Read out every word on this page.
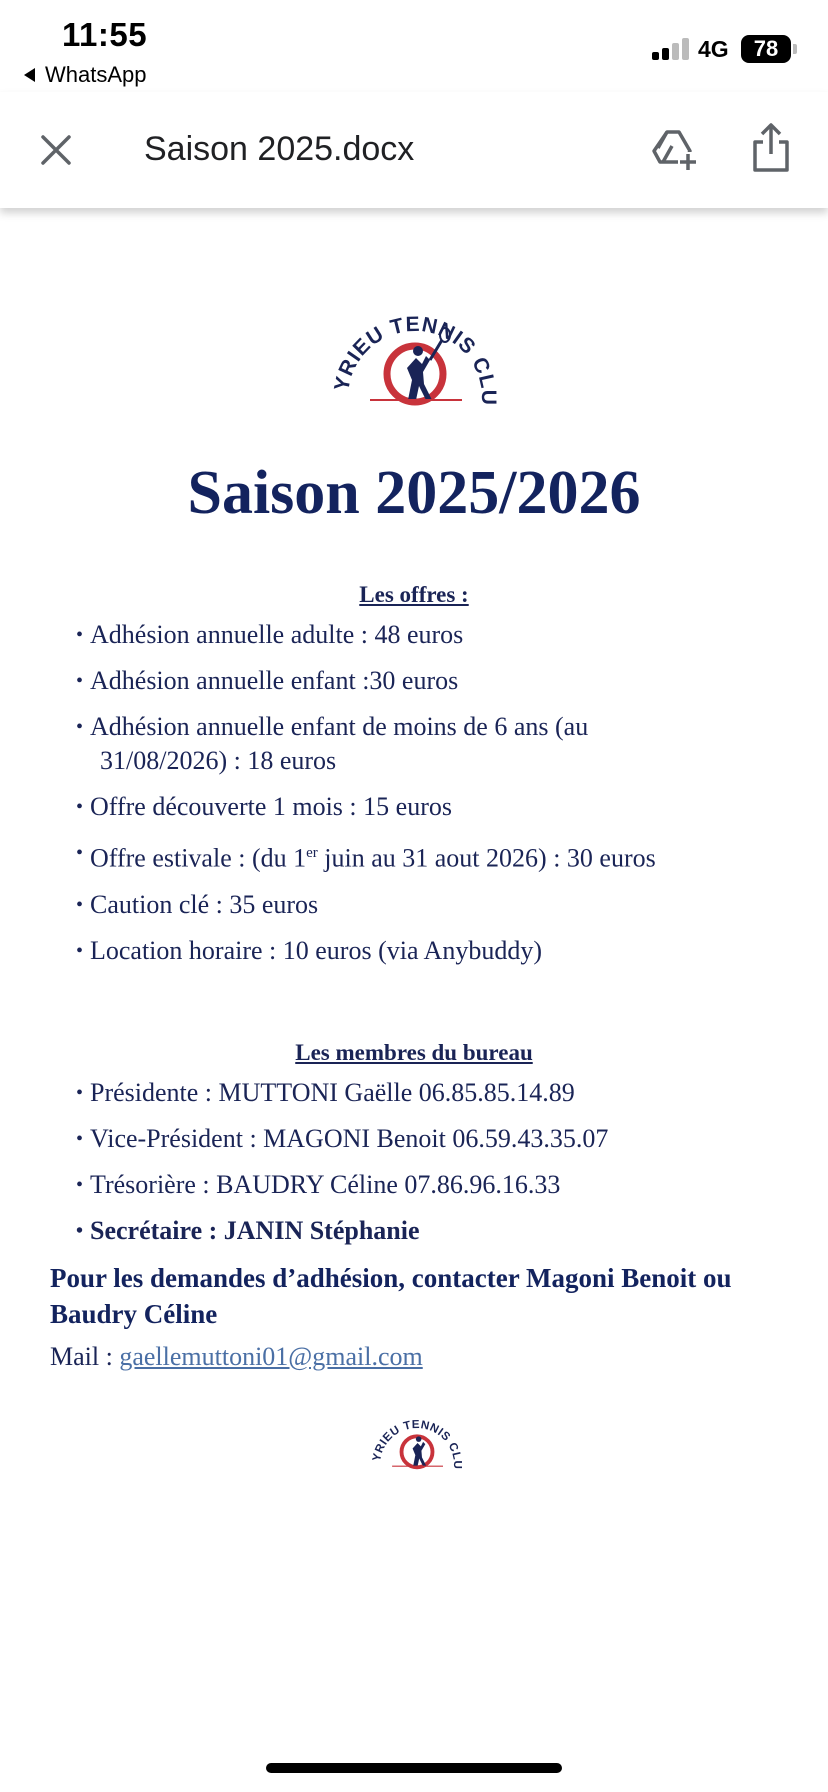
11:55
WhatsApp
4G	78
Saison 2025.docx
YRIEU TENNIS CLU
Saison 2025/2026
Les offres :
• Adhésion annuelle adulte : 48 euros
• Adhésion annuelle enfant :30 euros
• Adhésion annuelle enfant de moins de 6 ans (au
31/08/2026) : 18 euros
• Offre découverte 1 mois : 15 euros
• Offre estivale : (du 1er juin au 31 aout 2026) : 30 euros
• Caution clé : 35 euros
• Location horaire : 10 euros (via Anybuddy)
Les membres du bureau
• Présidente : MUTTONI Gaëlle 06.85.85.14.89
• Vice-Président : MAGONI Benoit 06.59.43.35.07
• Trésorière : BAUDRY Céline 07.86.96.16.33
• Secrétaire : JANIN Stéphanie
Pour les demandes d’adhésion, contacter Magoni Benoit ou Baudry Céline
Mail : gaellemuttoni01@gmail.com
YRIEU TENNIS CLU
